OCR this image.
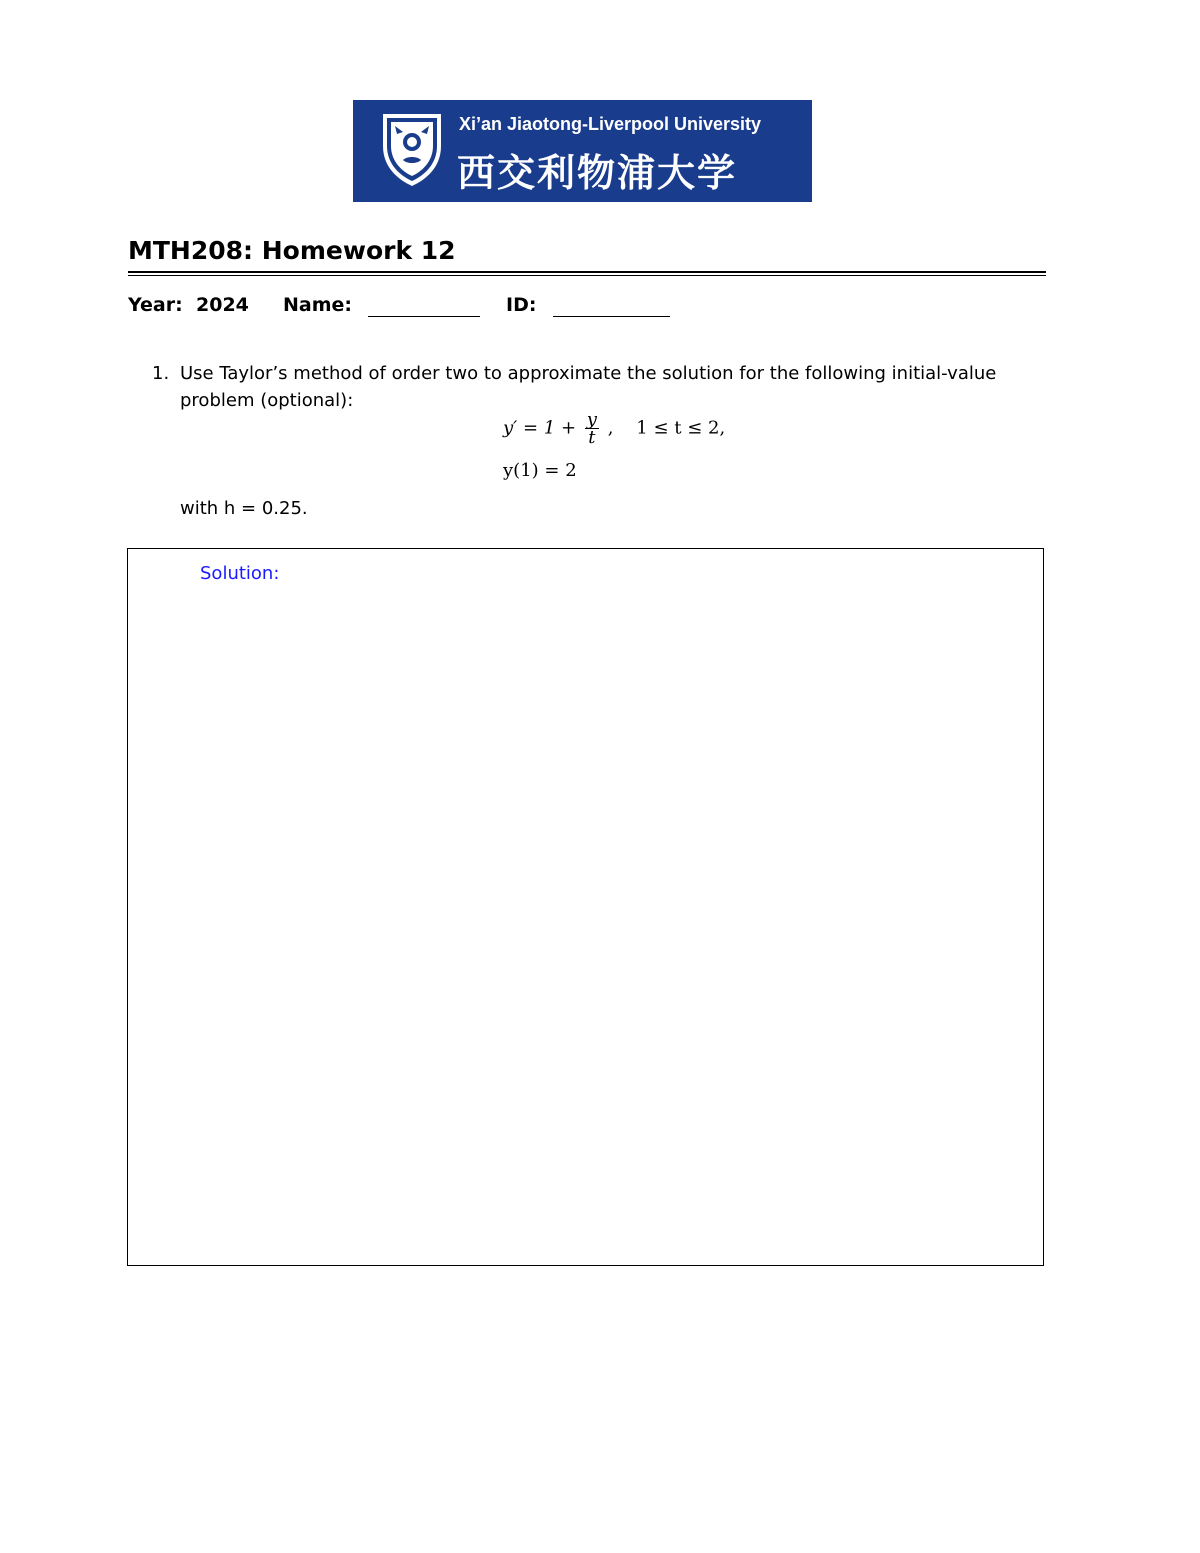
Xi’an Jiaotong-Liverpool University
西交利物浦大学
MTH208: Homework 12
Year: 2024 Name:	ID:
1. Use Taylor’s method of order two to approximate the solution for the following initial-value problem (optional):
$y' = 1 + \frac{y}{t}$ ,    1 ≤ t ≤ 2,
y(1) = 2
with h = 0.25.
Solution:
